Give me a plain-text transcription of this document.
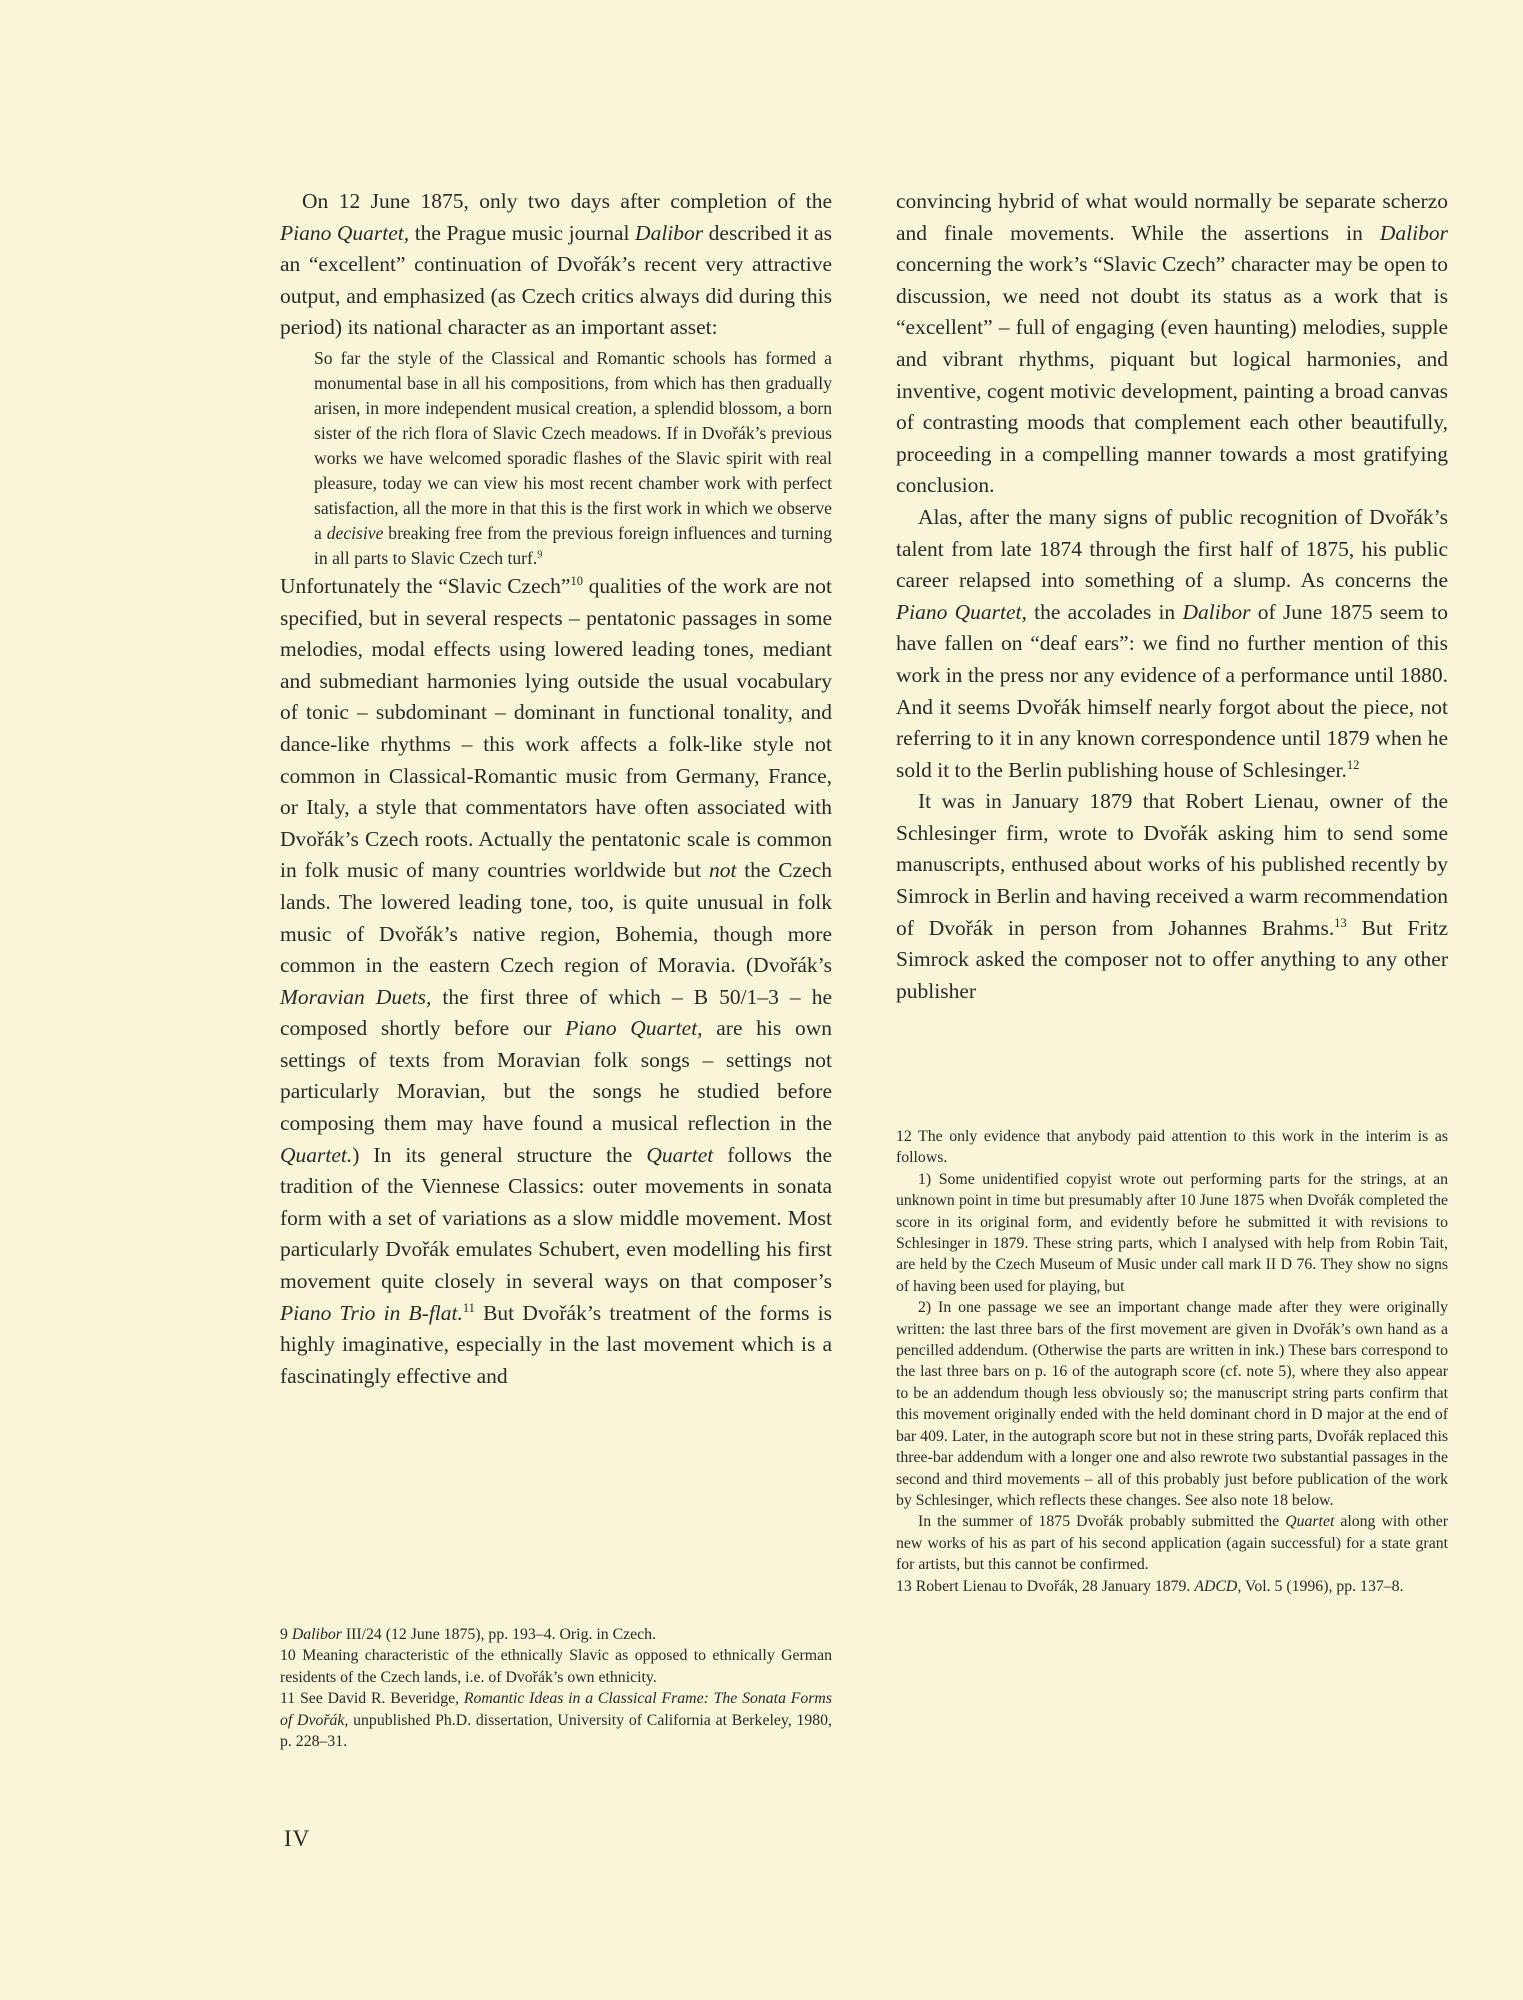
On 12 June 1875, only two days after completion of the Piano Quartet, the Prague music journal Dalibor described it as an “excellent” continuation of Dvořák’s recent very attractive output, and emphasized (as Czech critics always did during this period) its national character as an important asset:

So far the style of the Classical and Romantic schools has formed a monumental base in all his compositions, from which has then gradually arisen, in more independent musical creation, a splendid blossom, a born sister of the rich flora of Slavic Czech meadows. If in Dvořák’s previous works we have welcomed sporadic flashes of the Slavic spirit with real pleasure, today we can view his most recent chamber work with perfect satisfaction, all the more in that this is the first work in which we observe a decisive breaking free from the previous foreign influences and turning in all parts to Slavic Czech turf.$^9$

Unfortunately the “Slavic Czech”$^{10}$ qualities of the work are not specified, but in several respects – pentatonic passages in some melodies, modal effects using lowered leading tones, mediant and submediant harmonies lying outside the usual vocabulary of tonic – subdominant – dominant in functional tonality, and dance-like rhythms – this work affects a folk-like style not common in Classical-Romantic music from Germany, France, or Italy, a style that commentators have often associated with Dvořák’s Czech roots. Actually the pentatonic scale is common in folk music of many countries worldwide but not the Czech lands. The lowered leading tone, too, is quite unusual in folk music of Dvořák’s native region, Bohemia, though more common in the eastern Czech region of Moravia. (Dvořák’s Moravian Duets, the first three of which – B 50/1–3 – he composed shortly before our Piano Quartet, are his own settings of texts from Moravian folk songs – settings not particularly Moravian, but the songs he studied before composing them may have found a musical reflection in the Quartet.) In its general structure the Quartet follows the tradition of the Viennese Classics: outer movements in sonata form with a set of variations as a slow middle movement. Most particularly Dvořák emulates Schubert, even modelling his first movement quite closely in several ways on that composer’s Piano Trio in B-flat.$^{11}$ But Dvořák’s treatment of the forms is highly imaginative, especially in the last movement which is a fascinatingly effective and

9 Dalibor III/24 (12 June 1875), pp. 193–4. Orig. in Czech.

10 Meaning characteristic of the ethnically Slavic as opposed to ethnically German residents of the Czech lands, i.e. of Dvořák’s own ethnicity.

11 See David R. Beveridge, Romantic Ideas in a Classical Frame: The Sonata Forms of Dvořák, unpublished Ph.D. dissertation, University of California at Berkeley, 1980, p. 228–31.

convincing hybrid of what would normally be separate scherzo and finale movements. While the assertions in Dalibor concerning the work’s “Slavic Czech” character may be open to discussion, we need not doubt its status as a work that is “excellent” – full of engaging (even haunting) melodies, supple and vibrant rhythms, piquant but logical harmonies, and inventive, cogent motivic development, painting a broad canvas of contrasting moods that complement each other beautifully, proceeding in a compelling manner towards a most gratifying conclusion.

Alas, after the many signs of public recognition of Dvořák’s talent from late 1874 through the first half of 1875, his public career relapsed into something of a slump. As concerns the Piano Quartet, the accolades in Dalibor of June 1875 seem to have fallen on “deaf ears”: we find no further mention of this work in the press nor any evidence of a performance until 1880. And it seems Dvořák himself nearly forgot about the piece, not referring to it in any known correspondence until 1879 when he sold it to the Berlin publishing house of Schlesinger.$^{12}$

It was in January 1879 that Robert Lienau, owner of the Schlesinger firm, wrote to Dvořák asking him to send some manuscripts, enthused about works of his published recently by Simrock in Berlin and having received a warm recommendation of Dvořák in person from Johannes Brahms.$^{13}$ But Fritz Simrock asked the composer not to offer anything to any other publisher

12 The only evidence that anybody paid attention to this work in the interim is as follows.

1) Some unidentified copyist wrote out performing parts for the strings, at an unknown point in time but presumably after 10 June 1875 when Dvořák completed the score in its original form, and evidently before he submitted it with revisions to Schlesinger in 1879. These string parts, which I analysed with help from Robin Tait, are held by the Czech Museum of Music under call mark II D 76. They show no signs of having been used for playing, but

2) In one passage we see an important change made after they were originally written: the last three bars of the first movement are given in Dvořák’s own hand as a pencilled addendum. (Otherwise the parts are written in ink.) These bars correspond to the last three bars on p. 16 of the autograph score (cf. note 5), where they also appear to be an addendum though less obviously so; the manuscript string parts confirm that this movement originally ended with the held dominant chord in D major at the end of bar 409. Later, in the autograph score but not in these string parts, Dvořák replaced this three-bar addendum with a longer one and also rewrote two substantial passages in the second and third movements – all of this probably just before publication of the work by Schlesinger, which reflects these changes. See also note 18 below.

In the summer of 1875 Dvořák probably submitted the Quartet along with other new works of his as part of his second application (again successful) for a state grant for artists, but this cannot be confirmed.

13 Robert Lienau to Dvořák, 28 January 1879. ADCD, Vol. 5 (1996), pp. 137–8.

IV
